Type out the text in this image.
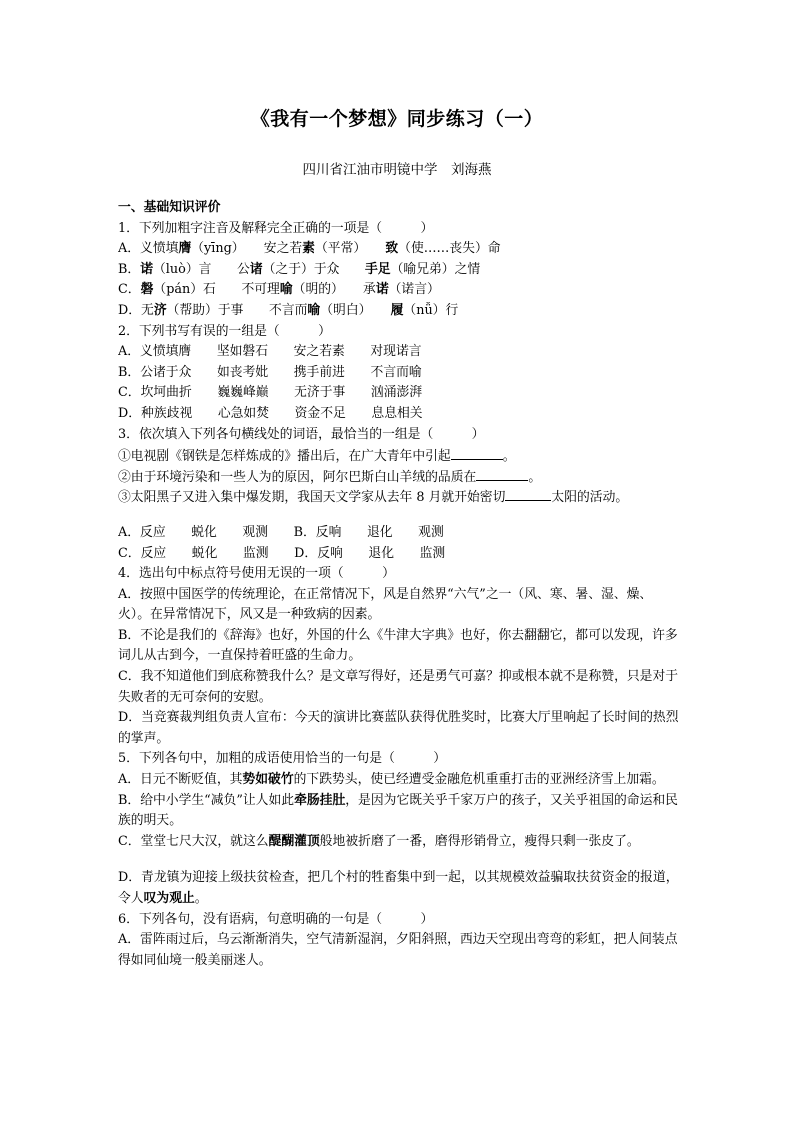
《我有一个梦想》同步练习（一）
四川省江油市明镜中学　刘海燕
一、基础知识评价
1．下列加粗字注音及解释完全正确的一项是（　　　）
A．义愤填膺（yīng）　　安之若素（平常）　　致（使……丧失）命
B．诺（luò）言　　公诸（之于）于众　　手足（喻兄弟）之情
C．磐（pán）石　　不可理喻（明的）　　承诺（诺言）
D．无济（帮助）于事　　不言而喻（明白）　　履（nǚ）行
2．下列书写有误的一组是（　　　）
A．义愤填膺　　坚如磐石　　安之若素　　对现诺言
B．公诸于众　　如丧考妣　　携手前进　　不言而喻
C．坎坷曲折　　巍巍峰巅　　无济于事　　汹涌澎湃
D．种族歧视　　心急如焚　　资金不足　　息息相关
3．依次填入下列各句横线处的词语，最恰当的一组是（　　　）
①电视剧《钢铁是怎样炼成的》播出后，在广大青年中引起	。
②由于环境污染和一些人为的原因，阿尔巴斯白山羊绒的品质在	。
③太阳黑子又进入集中爆发期，我国天文学家从去年 8 月就开始密切	太阳的活动。
A．反应　　蜕化　　观测　　B．反响　　退化　　观测
C．反应　　蜕化　　监测　　D．反响　　退化　　监测
4．选出句中标点符号使用无误的一项（　　　）
A．按照中国医学的传统理论，在正常情况下，风是自然界“六气”之一（风、寒、暑、湿、燥、火）。在异常情况下，风又是一种致病的因素。
B．不论是我们的《辞海》也好，外国的什么《牛津大字典》也好，你去翻翻它，都可以发现，许多词儿从古到今，一直保持着旺盛的生命力。
C．我不知道他们到底称赞我什么？是文章写得好，还是勇气可嘉？抑或根本就不是称赞，只是对于失败者的无可奈何的安慰。
D．当竞赛裁判组负责人宣布：今天的演讲比赛蓝队获得优胜奖时，比赛大厅里响起了长时间的热烈的掌声。
5．下列各句中，加粗的成语使用恰当的一句是（　　　）
A．日元不断贬值，其势如破竹的下跌势头，使已经遭受金融危机重重打击的亚洲经济雪上加霜。
B．给中小学生“减负”让人如此牵肠挂肚，是因为它既关乎千家万户的孩子，又关乎祖国的命运和民族的明天。
C．堂堂七尺大汉，就这么醍醐灌顶般地被折磨了一番，磨得形销骨立，瘦得只剩一张皮了。
D．青龙镇为迎接上级扶贫检查，把几个村的牲畜集中到一起，以其规模效益骗取扶贫资金的报道，令人叹为观止。
6．下列各句，没有语病，句意明确的一句是（　　　）
A．雷阵雨过后，乌云渐渐消失，空气清新湿润，夕阳斜照，西边天空现出弯弯的彩虹，把人间装点得如同仙境一般美丽迷人。
